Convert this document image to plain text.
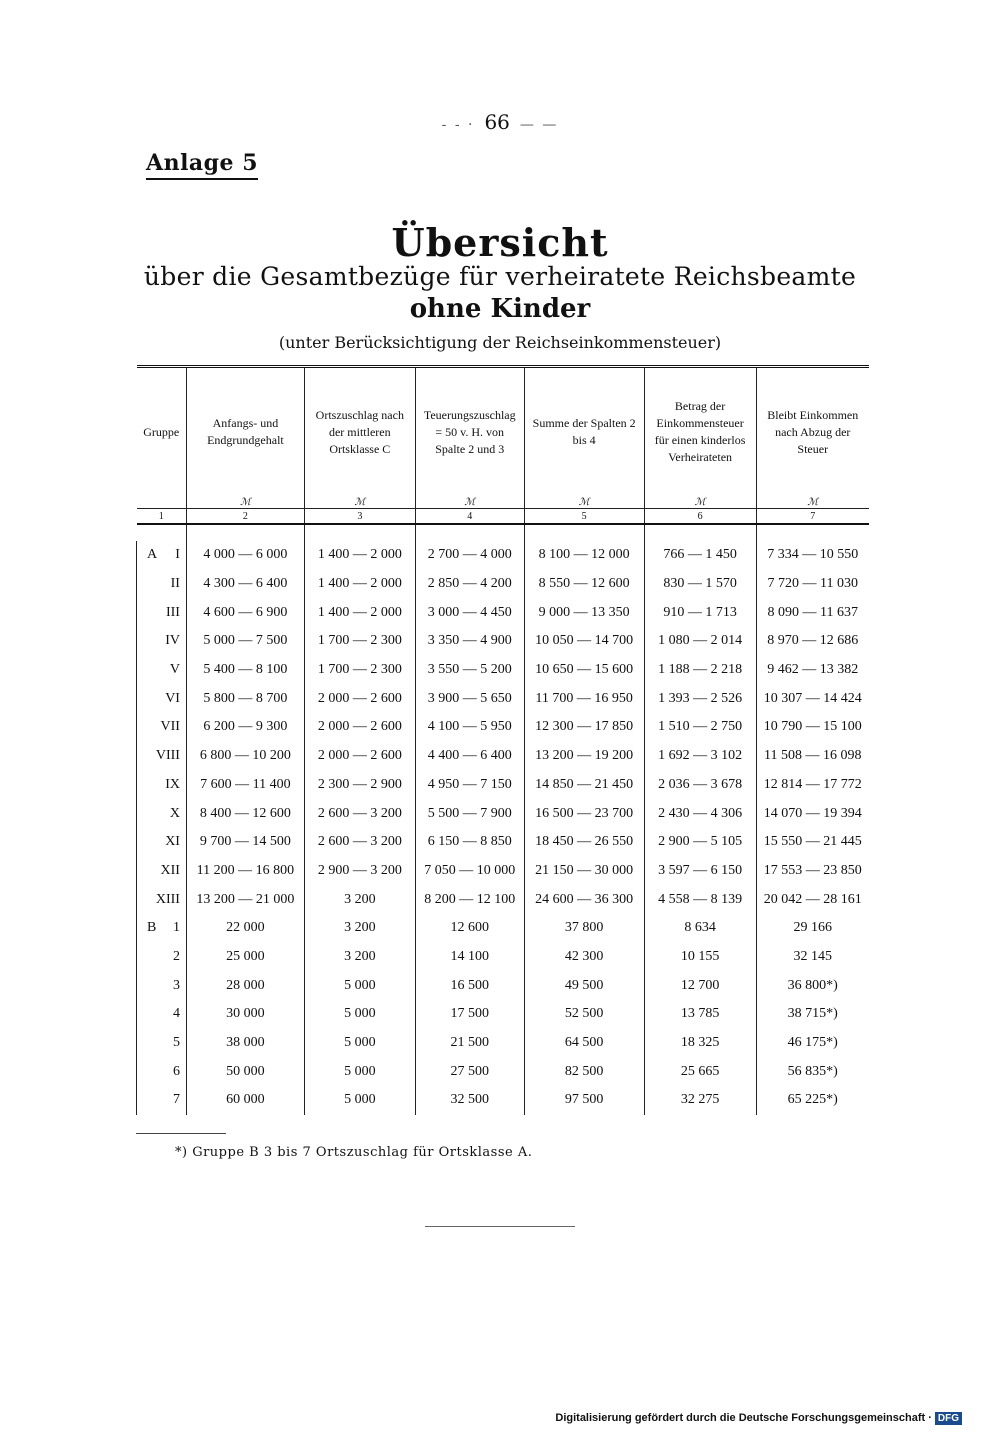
- - · 66 — —
Anlage 5
Übersicht
über die Gesamtbezüge für verheiratete Reichsbeamte
ohne Kinder
(unter Berücksichtigung der Reichseinkommensteuer)
Gruppe	Anfangs- und Endgrundgehalt	Ortszuschlag nach der mittleren Ortsklasse C	Teuerungszuschlag = 50 v. H. von Spalte 2 und 3	Summe der Spalten 2 bis 4	Betrag der Einkommensteuer für einen kinderlos Verheirateten	Bleibt Einkommen nach Abzug der Steuer
	ℳ	ℳ	ℳ	ℳ	ℳ	ℳ
1	2	3	4	5	6	7

A I	4 000 — 6 000	1 400 — 2 000	2 700 — 4 000	8 100 — 12 000	766 — 1 450	7 334 — 10 550

II	4 300 — 6 400	1 400 — 2 000	2 850 — 4 200	8 550 — 12 600	830 — 1 570	7 720 — 11 030

III	4 600 — 6 900	1 400 — 2 000	3 000 — 4 450	9 000 — 13 350	910 — 1 713	8 090 — 11 637

IV	5 000 — 7 500	1 700 — 2 300	3 350 — 4 900	10 050 — 14 700	1 080 — 2 014	8 970 — 12 686

V	5 400 — 8 100	1 700 — 2 300	3 550 — 5 200	10 650 — 15 600	1 188 — 2 218	9 462 — 13 382

VI	5 800 — 8 700	2 000 — 2 600	3 900 — 5 650	11 700 — 16 950	1 393 — 2 526	10 307 — 14 424

VII	6 200 — 9 300	2 000 — 2 600	4 100 — 5 950	12 300 — 17 850	1 510 — 2 750	10 790 — 15 100

VIII	6 800 — 10 200	2 000 — 2 600	4 400 — 6 400	13 200 — 19 200	1 692 — 3 102	11 508 — 16 098

IX	7 600 — 11 400	2 300 — 2 900	4 950 — 7 150	14 850 — 21 450	2 036 — 3 678	12 814 — 17 772

X	8 400 — 12 600	2 600 — 3 200	5 500 — 7 900	16 500 — 23 700	2 430 — 4 306	14 070 — 19 394

XI	9 700 — 14 500	2 600 — 3 200	6 150 — 8 850	18 450 — 26 550	2 900 — 5 105	15 550 — 21 445

XII	11 200 — 16 800	2 900 — 3 200	7 050 — 10 000	21 150 — 30 000	3 597 — 6 150	17 553 — 23 850

XIII	13 200 — 21 000	3 200	8 200 — 12 100	24 600 — 36 300	4 558 — 8 139	20 042 — 28 161

B 1	22 000	3 200	12 600	37 800	8 634	29 166

2	25 000	3 200	14 100	42 300	10 155	32 145

3	28 000	5 000	16 500	49 500	12 700	36 800*)

4	30 000	5 000	17 500	52 500	13 785	38 715*)

5	38 000	5 000	21 500	64 500	18 325	46 175*)

6	50 000	5 000	27 500	82 500	25 665	56 835*)

7	60 000	5 000	32 500	97 500	32 275	65 225*)
*) Gruppe B 3 bis 7 Ortszuschlag für Ortsklasse A.
Digitalisierung gefördert durch die Deutsche Forschungsgemeinschaft · DFG
